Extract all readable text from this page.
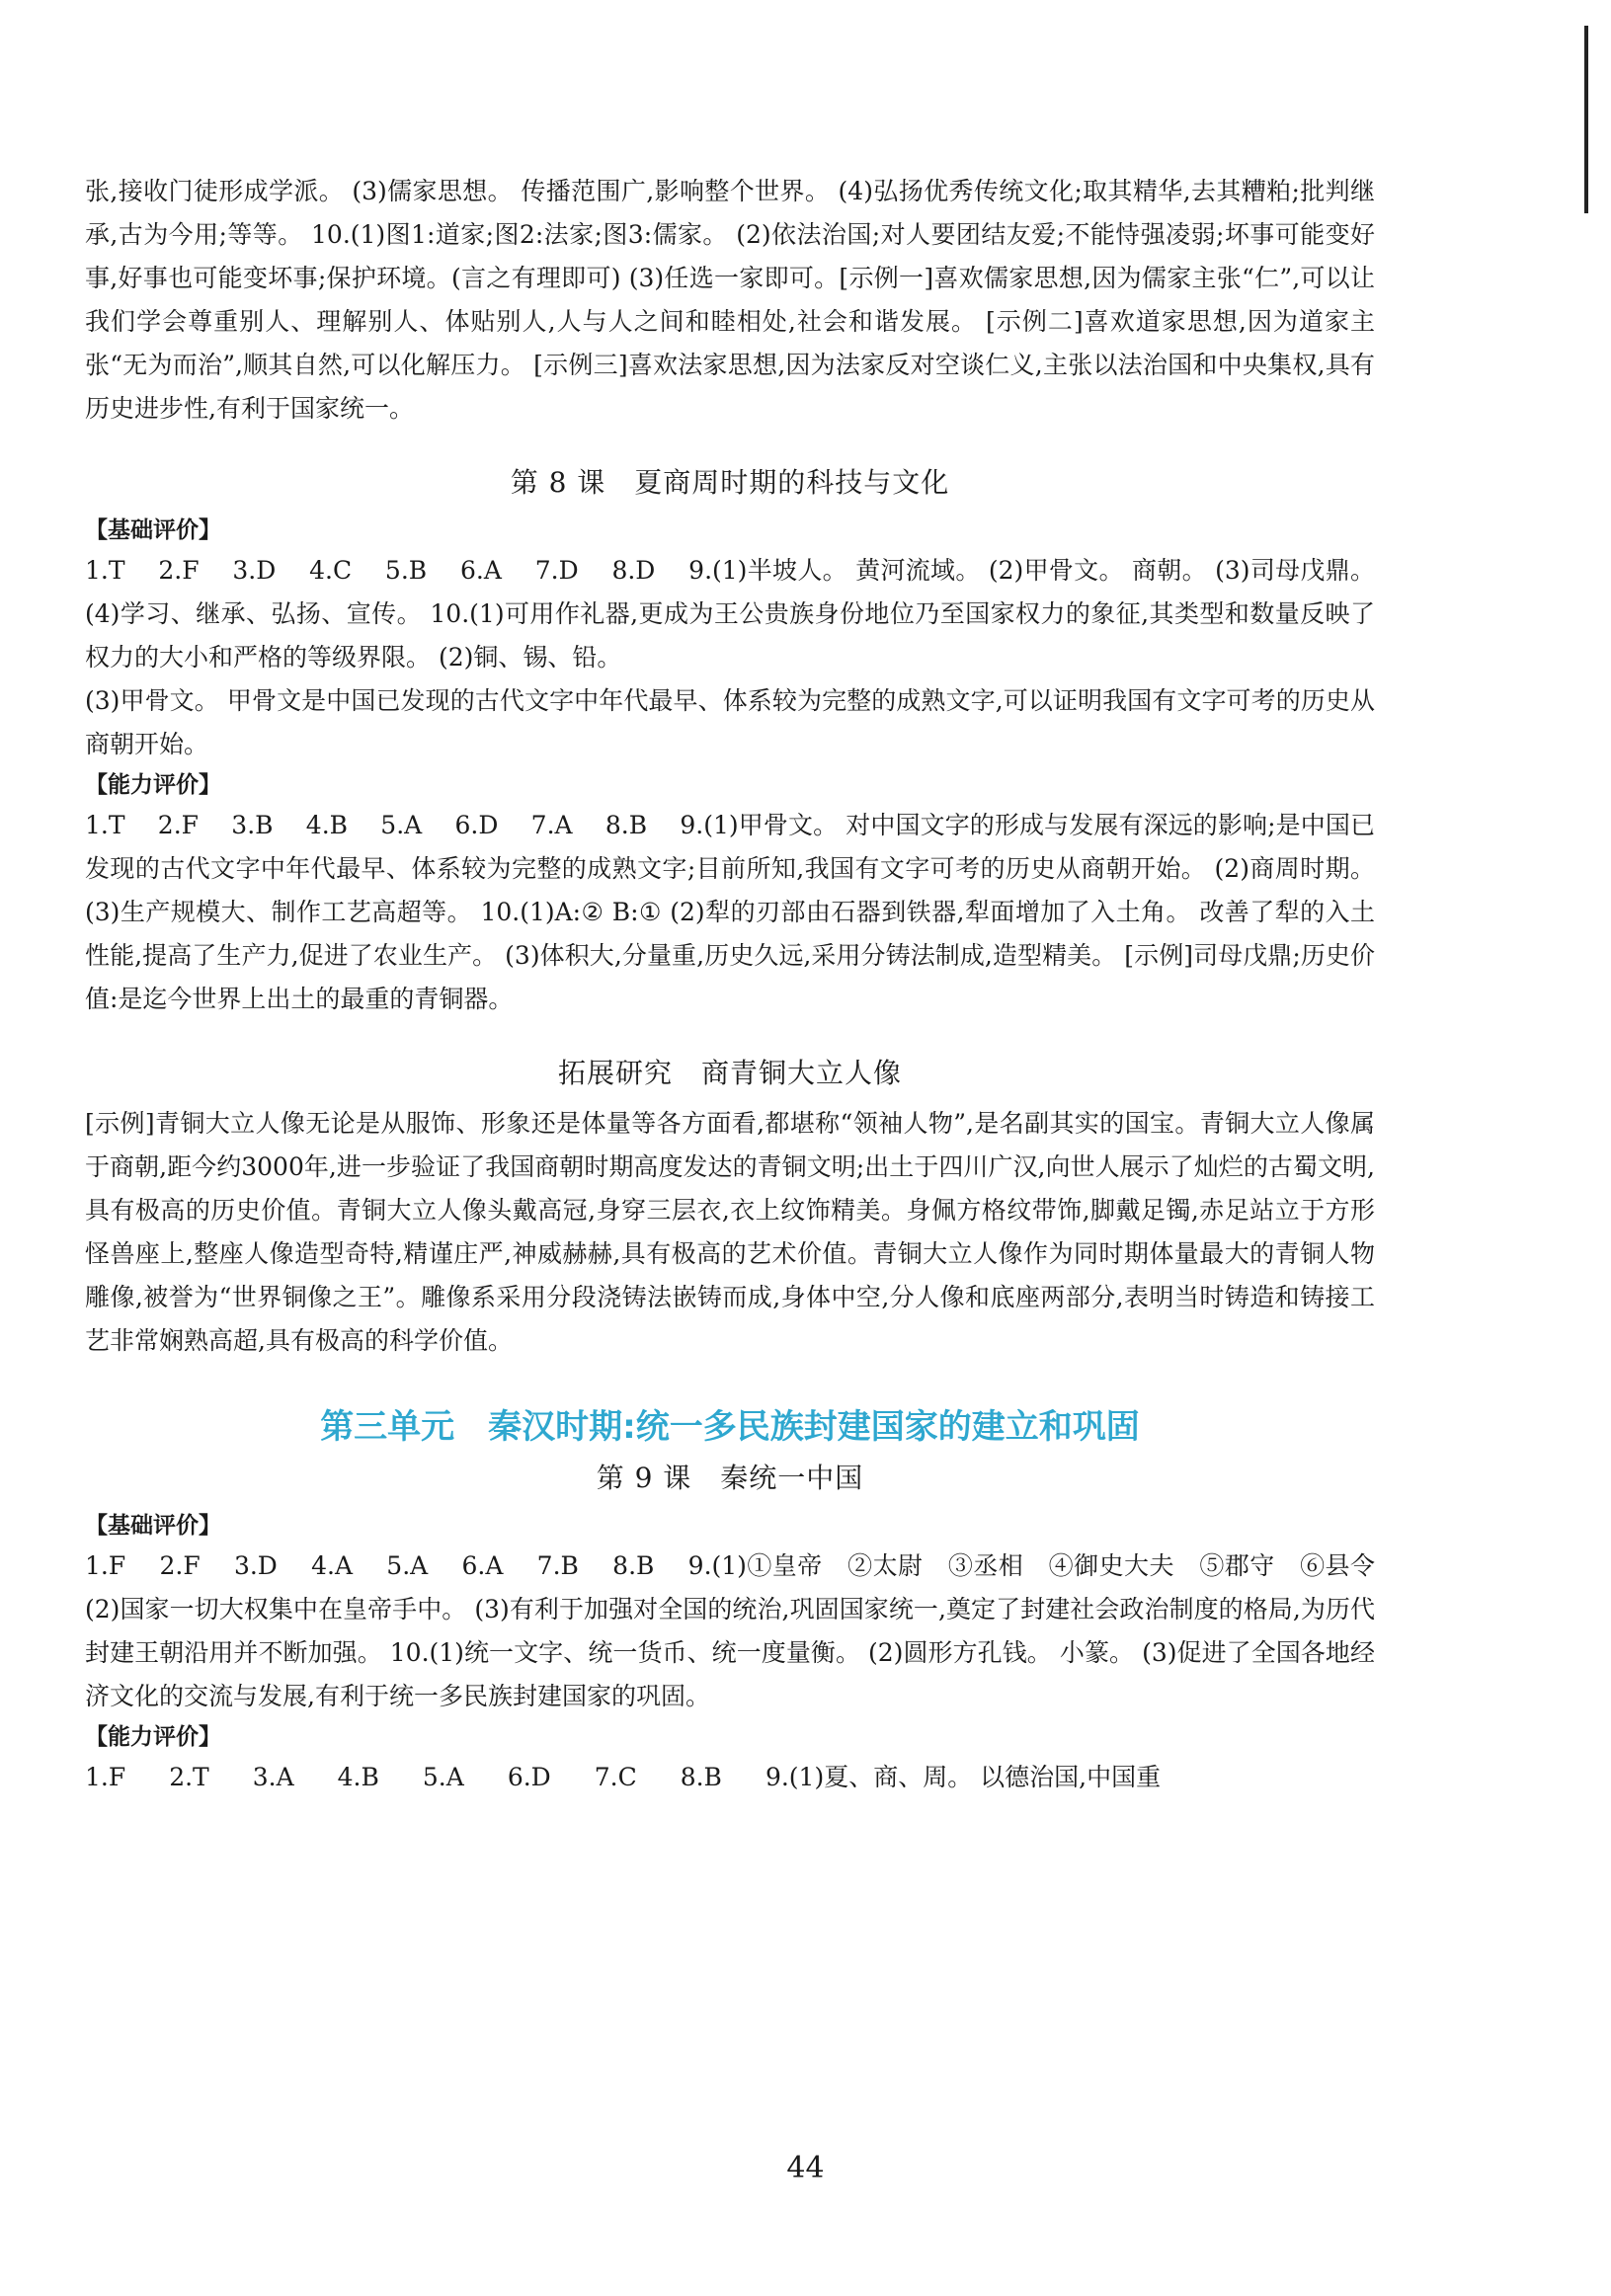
张,接收门徒形成学派。 (3)儒家思想。 传播范围广,影响整个世界。 (4)弘扬优秀传统文化;取其精华,去其糟粕;批判继承,古为今用;等等。 10.(1)图1:道家;图2:法家;图3:儒家。 (2)依法治国;对人要团结友爱;不能恃强凌弱;坏事可能变好事,好事也可能变坏事;保护环境。(言之有理即可) (3)任选一家即可。[示例一]喜欢儒家思想,因为儒家主张“仁”,可以让我们学会尊重别人、理解别人、体贴别人,人与人之间和睦相处,社会和谐发展。 [示例二]喜欢道家思想,因为道家主张“无为而治”,顺其自然,可以化解压力。 [示例三]喜欢法家思想,因为法家反对空谈仁义,主张以法治国和中央集权,具有历史进步性,有利于国家统一。

第 8 课　夏商周时期的科技与文化

【基础评价】

1.T　 2.F　 3.D　 4.C　 5.B　 6.A　 7.D　 8.D　 9.(1)半坡人。 黄河流域。 (2)甲骨文。 商朝。 (3)司母戊鼎。 (4)学习、继承、弘扬、宣传。 10.(1)可用作礼器,更成为王公贵族身份地位乃至国家权力的象征,其类型和数量反映了权力的大小和严格的等级界限。 (2)铜、锡、铅。

(3)甲骨文。 甲骨文是中国已发现的古代文字中年代最早、体系较为完整的成熟文字,可以证明我国有文字可考的历史从商朝开始。

【能力评价】

1.T　 2.F　 3.B　 4.B　 5.A　 6.D　 7.A　 8.B　 9.(1)甲骨文。 对中国文字的形成与发展有深远的影响;是中国已发现的古代文字中年代最早、体系较为完整的成熟文字;目前所知,我国有文字可考的历史从商朝开始。 (2)商周时期。 (3)生产规模大、制作工艺高超等。 10.(1)A:② B:① (2)犁的刃部由石器到铁器,犁面增加了入土角。 改善了犁的入土性能,提高了生产力,促进了农业生产。 (3)体积大,分量重,历史久远,采用分铸法制成,造型精美。 [示例]司母戊鼎;历史价值:是迄今世界上出土的最重的青铜器。

拓展研究　商青铜大立人像

[示例]青铜大立人像无论是从服饰、形象还是体量等各方面看,都堪称“领袖人物”,是名副其实的国宝。青铜大立人像属于商朝,距今约3000年,进一步验证了我国商朝时期高度发达的青铜文明;出土于四川广汉,向世人展示了灿烂的古蜀文明,具有极高的历史价值。青铜大立人像头戴高冠,身穿三层衣,衣上纹饰精美。身佩方格纹带饰,脚戴足镯,赤足站立于方形怪兽座上,整座人像造型奇特,精谨庄严,神威赫赫,具有极高的艺术价值。青铜大立人像作为同时期体量最大的青铜人物雕像,被誉为“世界铜像之王”。雕像系采用分段浇铸法嵌铸而成,身体中空,分人像和底座两部分,表明当时铸造和铸接工艺非常娴熟高超,具有极高的科学价值。

第三单元　秦汉时期:统一多民族封建国家的建立和巩固
第 9 课　秦统一中国

【基础评价】

1.F　 2.F　 3.D　 4.A　 5.A　 6.A　 7.B　 8.B　 9.(1)①皇帝　②太尉　③丞相　④御史大夫　⑤郡守　⑥县令　(2)国家一切大权集中在皇帝手中。 (3)有利于加强对全国的统治,巩固国家统一,奠定了封建社会政治制度的格局,为历代封建王朝沿用并不断加强。 10.(1)统一文字、统一货币、统一度量衡。 (2)圆形方孔钱。 小篆。 (3)促进了全国各地经济文化的交流与发展,有利于统一多民族封建国家的巩固。

【能力评价】

1.F 2.T 3.A 4.B 5.A 6.D 7.C 8.B 9.(1)夏、商、周。 以德治国,中国重

44
